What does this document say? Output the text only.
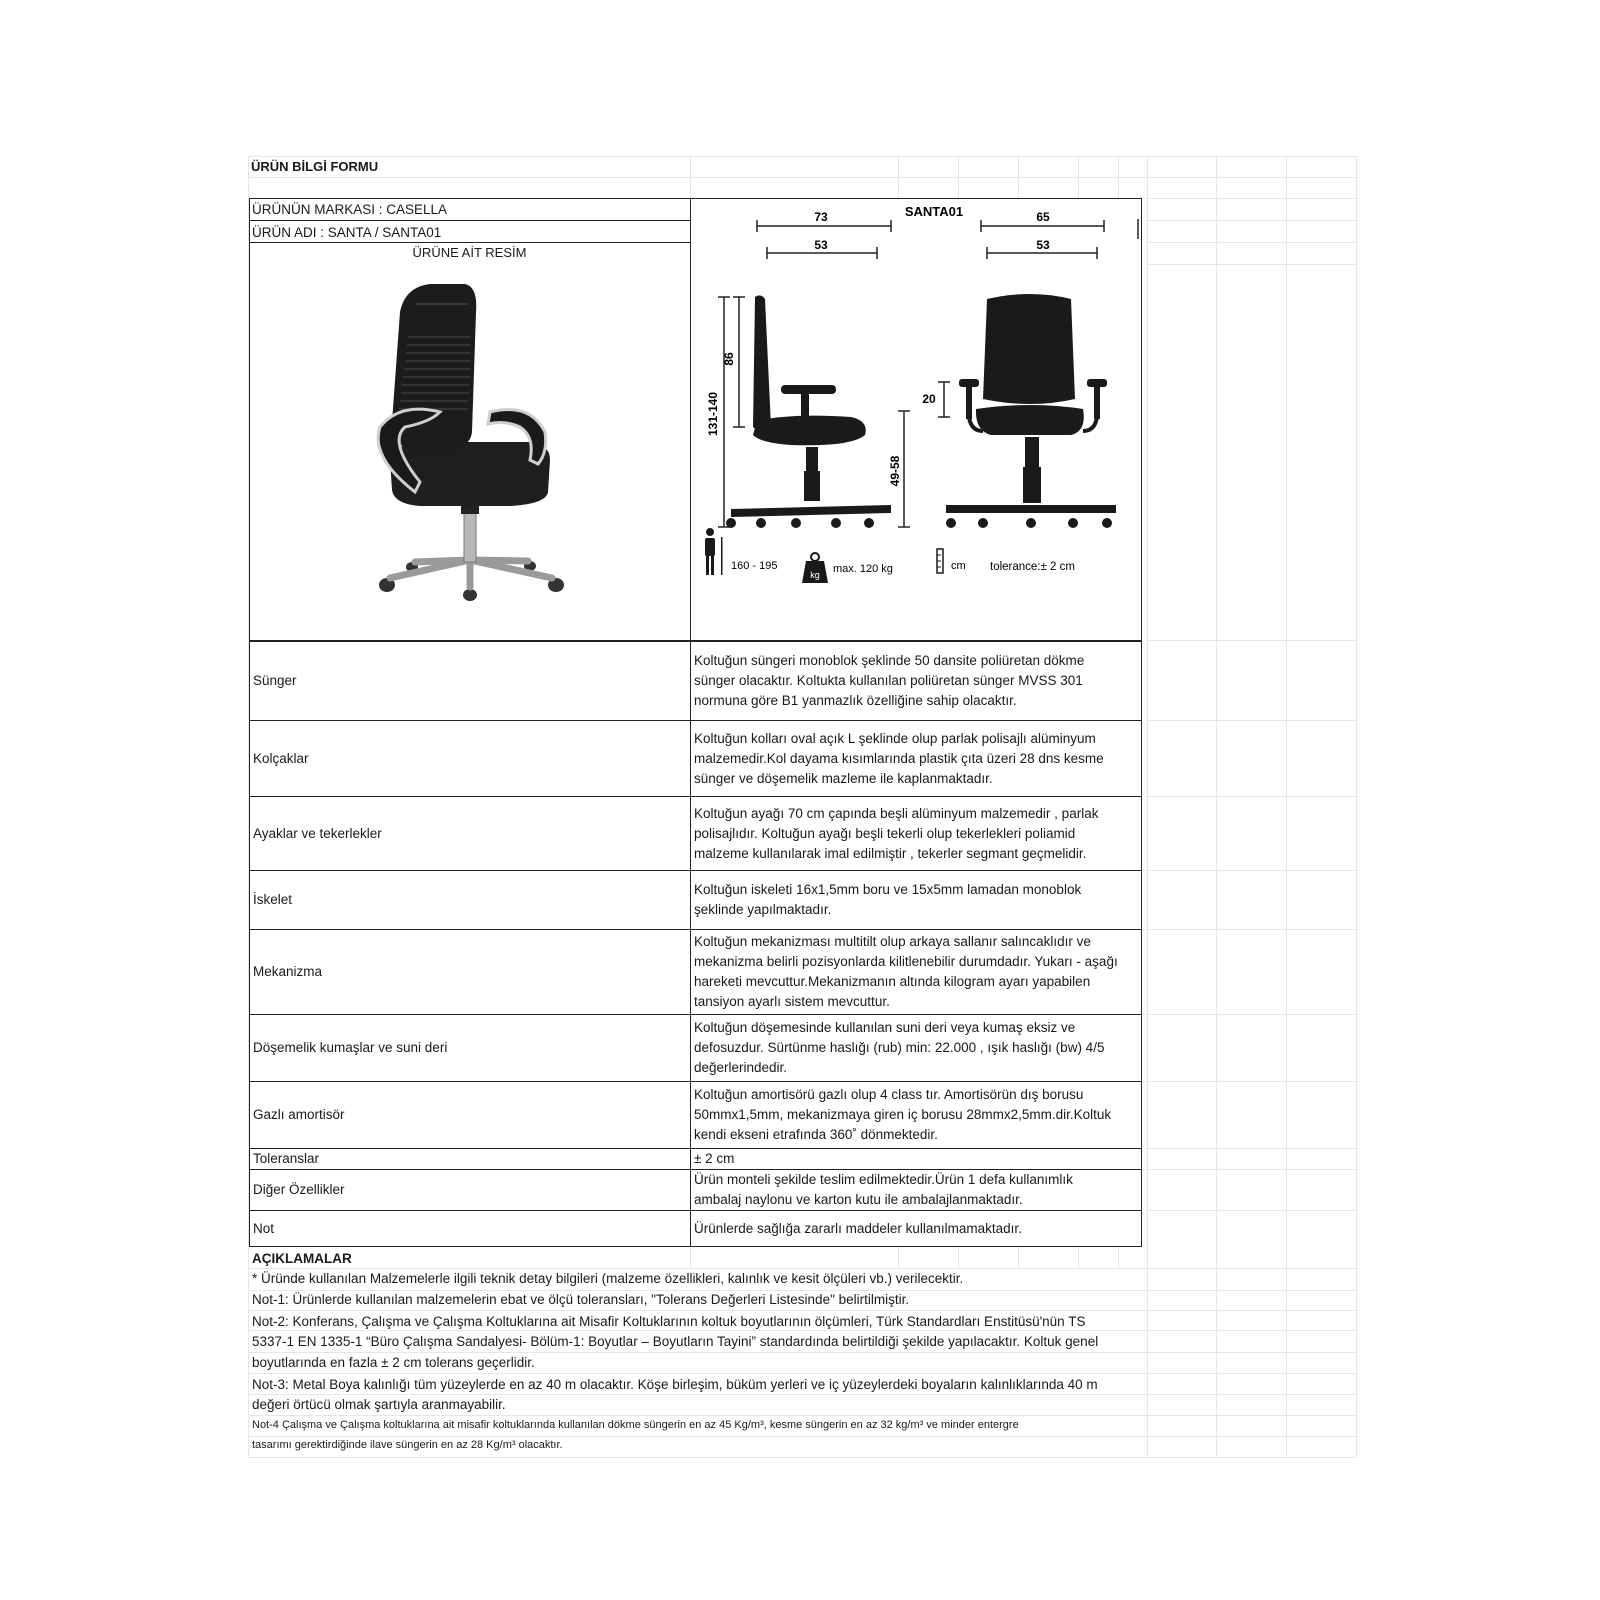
ÜRÜN BİLGİ FORMU
ÜRÜNÜN MARKASI : CASELLA
ÜRÜN ADI : SANTA / SANTA01
ÜRÜNE AİT RESİM
73
53
SANTA01	65
53
86
131-140
49-58
20
160 - 195
kg max. 120 kg	cm tolerance:± 2 cm
Sünger
Koltuğun süngeri monoblok şeklinde 50 dansite poliüretan dökme
sünger olacaktır. Koltukta kullanılan poliüretan sünger MVSS 301
normuna göre B1 yanmazlık özelliğine sahip olacaktır.
Kolçaklar
Koltuğun kolları oval açık L şeklinde olup parlak polisajlı alüminyum
malzemedir.Kol dayama kısımlarında plastik çıta üzeri 28 dns kesme
sünger ve döşemelik mazleme ile kaplanmaktadır.
Ayaklar ve tekerlekler
Koltuğun ayağı 70 cm çapında beşli alüminyum malzemedir , parlak
polisajlıdır. Koltuğun ayağı beşli tekerli olup tekerlekleri poliamid
malzeme kullanılarak imal edilmiştir , tekerler segmant geçmelidir.
İskelet
Koltuğun iskeleti 16x1,5mm boru ve 15x5mm lamadan monoblok
şeklinde yapılmaktadır.
Mekanizma
Koltuğun mekanizması multitilt olup arkaya sallanır salıncaklıdır ve
mekanizma belirli pozisyonlarda kilitlenebilir durumdadır. Yukarı - aşağı
hareketi mevcuttur.Mekanizmanın altında kilogram ayarı yapabilen
tansiyon ayarlı sistem mevcuttur.
Döşemelik kumaşlar ve suni deri
Koltuğun döşemesinde kullanılan suni deri veya kumaş eksiz ve
defosuzdur. Sürtünme haslığı (rub) min: 22.000 , ışık haslığı (bw) 4/5
değerlerindedir.
Gazlı amortisör
Koltuğun amortisörü gazlı olup 4 class tır. Amortisörün dış borusu
50mmx1,5mm, mekanizmaya giren iç borusu 28mmx2,5mm.dir.Koltuk
kendi ekseni etrafında 360˚ dönmektedir.
Toleranslar	± 2 cm
Diğer Özellikler
Ürün monteli şekilde teslim edilmektedir.Ürün 1 defa kullanımlık
ambalaj naylonu ve karton kutu ile ambalajlanmaktadır.
Not	Ürünlerde sağlığa zararlı maddeler kullanılmamaktadır.
AÇIKLAMALAR
* Üründe kullanılan Malzemelerle ilgili teknik detay bilgileri (malzeme özellikleri, kalınlık ve kesit ölçüleri vb.) verilecektir.
Not-1: Ürünlerde kullanılan malzemelerin ebat ve ölçü toleransları, "Tolerans Değerleri Listesinde" belirtilmiştir.
Not-2: Konferans, Çalışma ve Çalışma Koltuklarına ait Misafir Koltuklarının koltuk boyutlarının ölçümleri, Türk Standardları Enstitüsü'nün TS
5337-1 EN 1335-1 “Büro Çalışma Sandalyesi- Bölüm-1: Boyutlar – Boyutların Tayini” standardında belirtildiği şekilde yapılacaktır. Koltuk genel
boyutlarında en fazla ± 2 cm tolerans geçerlidir.
Not-3: Metal Boya kalınlığı tüm yüzeylerde en az 40 m olacaktır. Köşe birleşim, büküm yerleri ve iç yüzeylerdeki boyaların kalınlıklarında 40 m
değeri örtücü olmak şartıyla aranmayabilir.
Not-4 Çalışma ve Çalışma koltuklarına ait misafir koltuklarında kullanılan dökme süngerin en az 45 Kg/m³, kesme süngerin en az 32 kg/m³ ve minder entergre
tasarımı gerektirdiğinde ilave süngerin en az 28 Kg/m³ olacaktır.
